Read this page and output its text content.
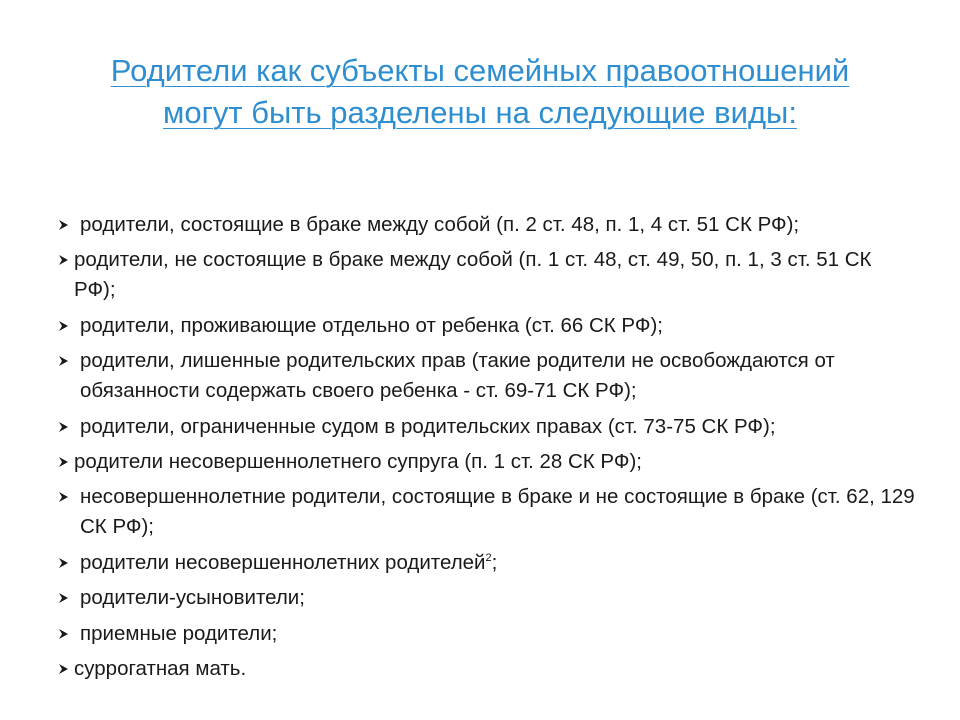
Родители как субъекты семейных правоотношений
могут быть разделены на следующие виды:
родители, состоящие в браке между собой (п. 2 ст. 48, п. 1, 4 ст. 51 СК РФ);
родители, не состоящие в браке между собой (п. 1 ст. 48, ст. 49, 50, п. 1, 3 ст. 51 СК РФ);
родители, проживающие отдельно от ребенка (ст. 66 СК РФ);
родители, лишенные родительских прав (такие родители не освобождаются от обязанности содержать своего ребенка - ст. 69-71 СК РФ);
родители, ограниченные судом в родительских правах (ст. 73-75 СК РФ);
родители несовершеннолетнего супруга (п. 1 ст. 28 СК РФ);
несовершеннолетние родители, состоящие в браке и не состоящие в браке (ст. 62, 129 СК РФ);
родители несовершеннолетних родителей$^2$;
родители-усыновители;
приемные родители;
суррогатная мать.
